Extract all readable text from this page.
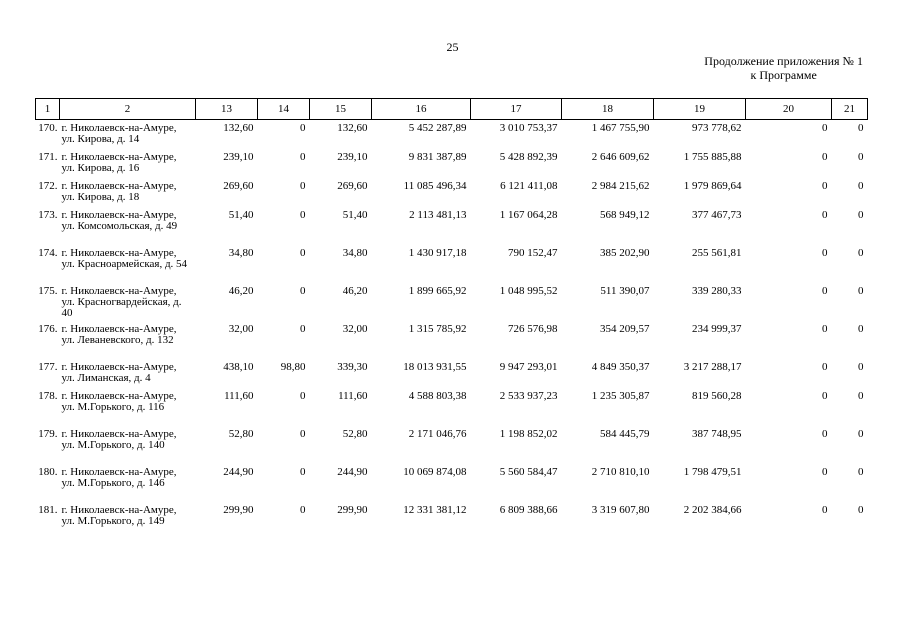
25
Продолжение приложения № 1
к Программе
1	2	13	14	15	16	17	18	19	20	21
170.	г. Николаевск-на-Амуре, ул. Кирова, д. 14	132,60	0	132,60	5 452 287,89	3 010 753,37	1 467 755,90	973 778,62	0	0
171.	г. Николаевск-на-Амуре, ул. Кирова, д. 16	239,10	0	239,10	9 831 387,89	5 428 892,39	2 646 609,62	1 755 885,88	0	0
172.	г. Николаевск-на-Амуре, ул. Кирова, д. 18	269,60	0	269,60	11 085 496,34	6 121 411,08	2 984 215,62	1 979 869,64	0	0
173.	г. Николаевск-на-Амуре, ул. Комсомольская, д. 49	51,40	0	51,40	2 113 481,13	1 167 064,28	568 949,12	377 467,73	0	0
174.	г. Николаевск-на-Амуре, ул. Красноармейская, д. 54	34,80	0	34,80	1 430 917,18	790 152,47	385 202,90	255 561,81	0	0
175.	г. Николаевск-на-Амуре, ул. Красногвардейская, д. 40	46,20	0	46,20	1 899 665,92	1 048 995,52	511 390,07	339 280,33	0	0
176.	г. Николаевск-на-Амуре, ул. Леваневского, д. 132	32,00	0	32,00	1 315 785,92	726 576,98	354 209,57	234 999,37	0	0
177.	г. Николаевск-на-Амуре, ул. Лиманская, д. 4	438,10	98,80	339,30	18 013 931,55	9 947 293,01	4 849 350,37	3 217 288,17	0	0
178.	г. Николаевск-на-Амуре, ул. М.Горького, д. 116	111,60	0	111,60	4 588 803,38	2 533 937,23	1 235 305,87	819 560,28	0	0
179.	г. Николаевск-на-Амуре, ул. М.Горького, д. 140	52,80	0	52,80	2 171 046,76	1 198 852,02	584 445,79	387 748,95	0	0
180.	г. Николаевск-на-Амуре, ул. М.Горького, д. 146	244,90	0	244,90	10 069 874,08	5 560 584,47	2 710 810,10	1 798 479,51	0	0
181.	г. Николаевск-на-Амуре, ул. М.Горького, д. 149	299,90	0	299,90	12 331 381,12	6 809 388,66	3 319 607,80	2 202 384,66	0	0
